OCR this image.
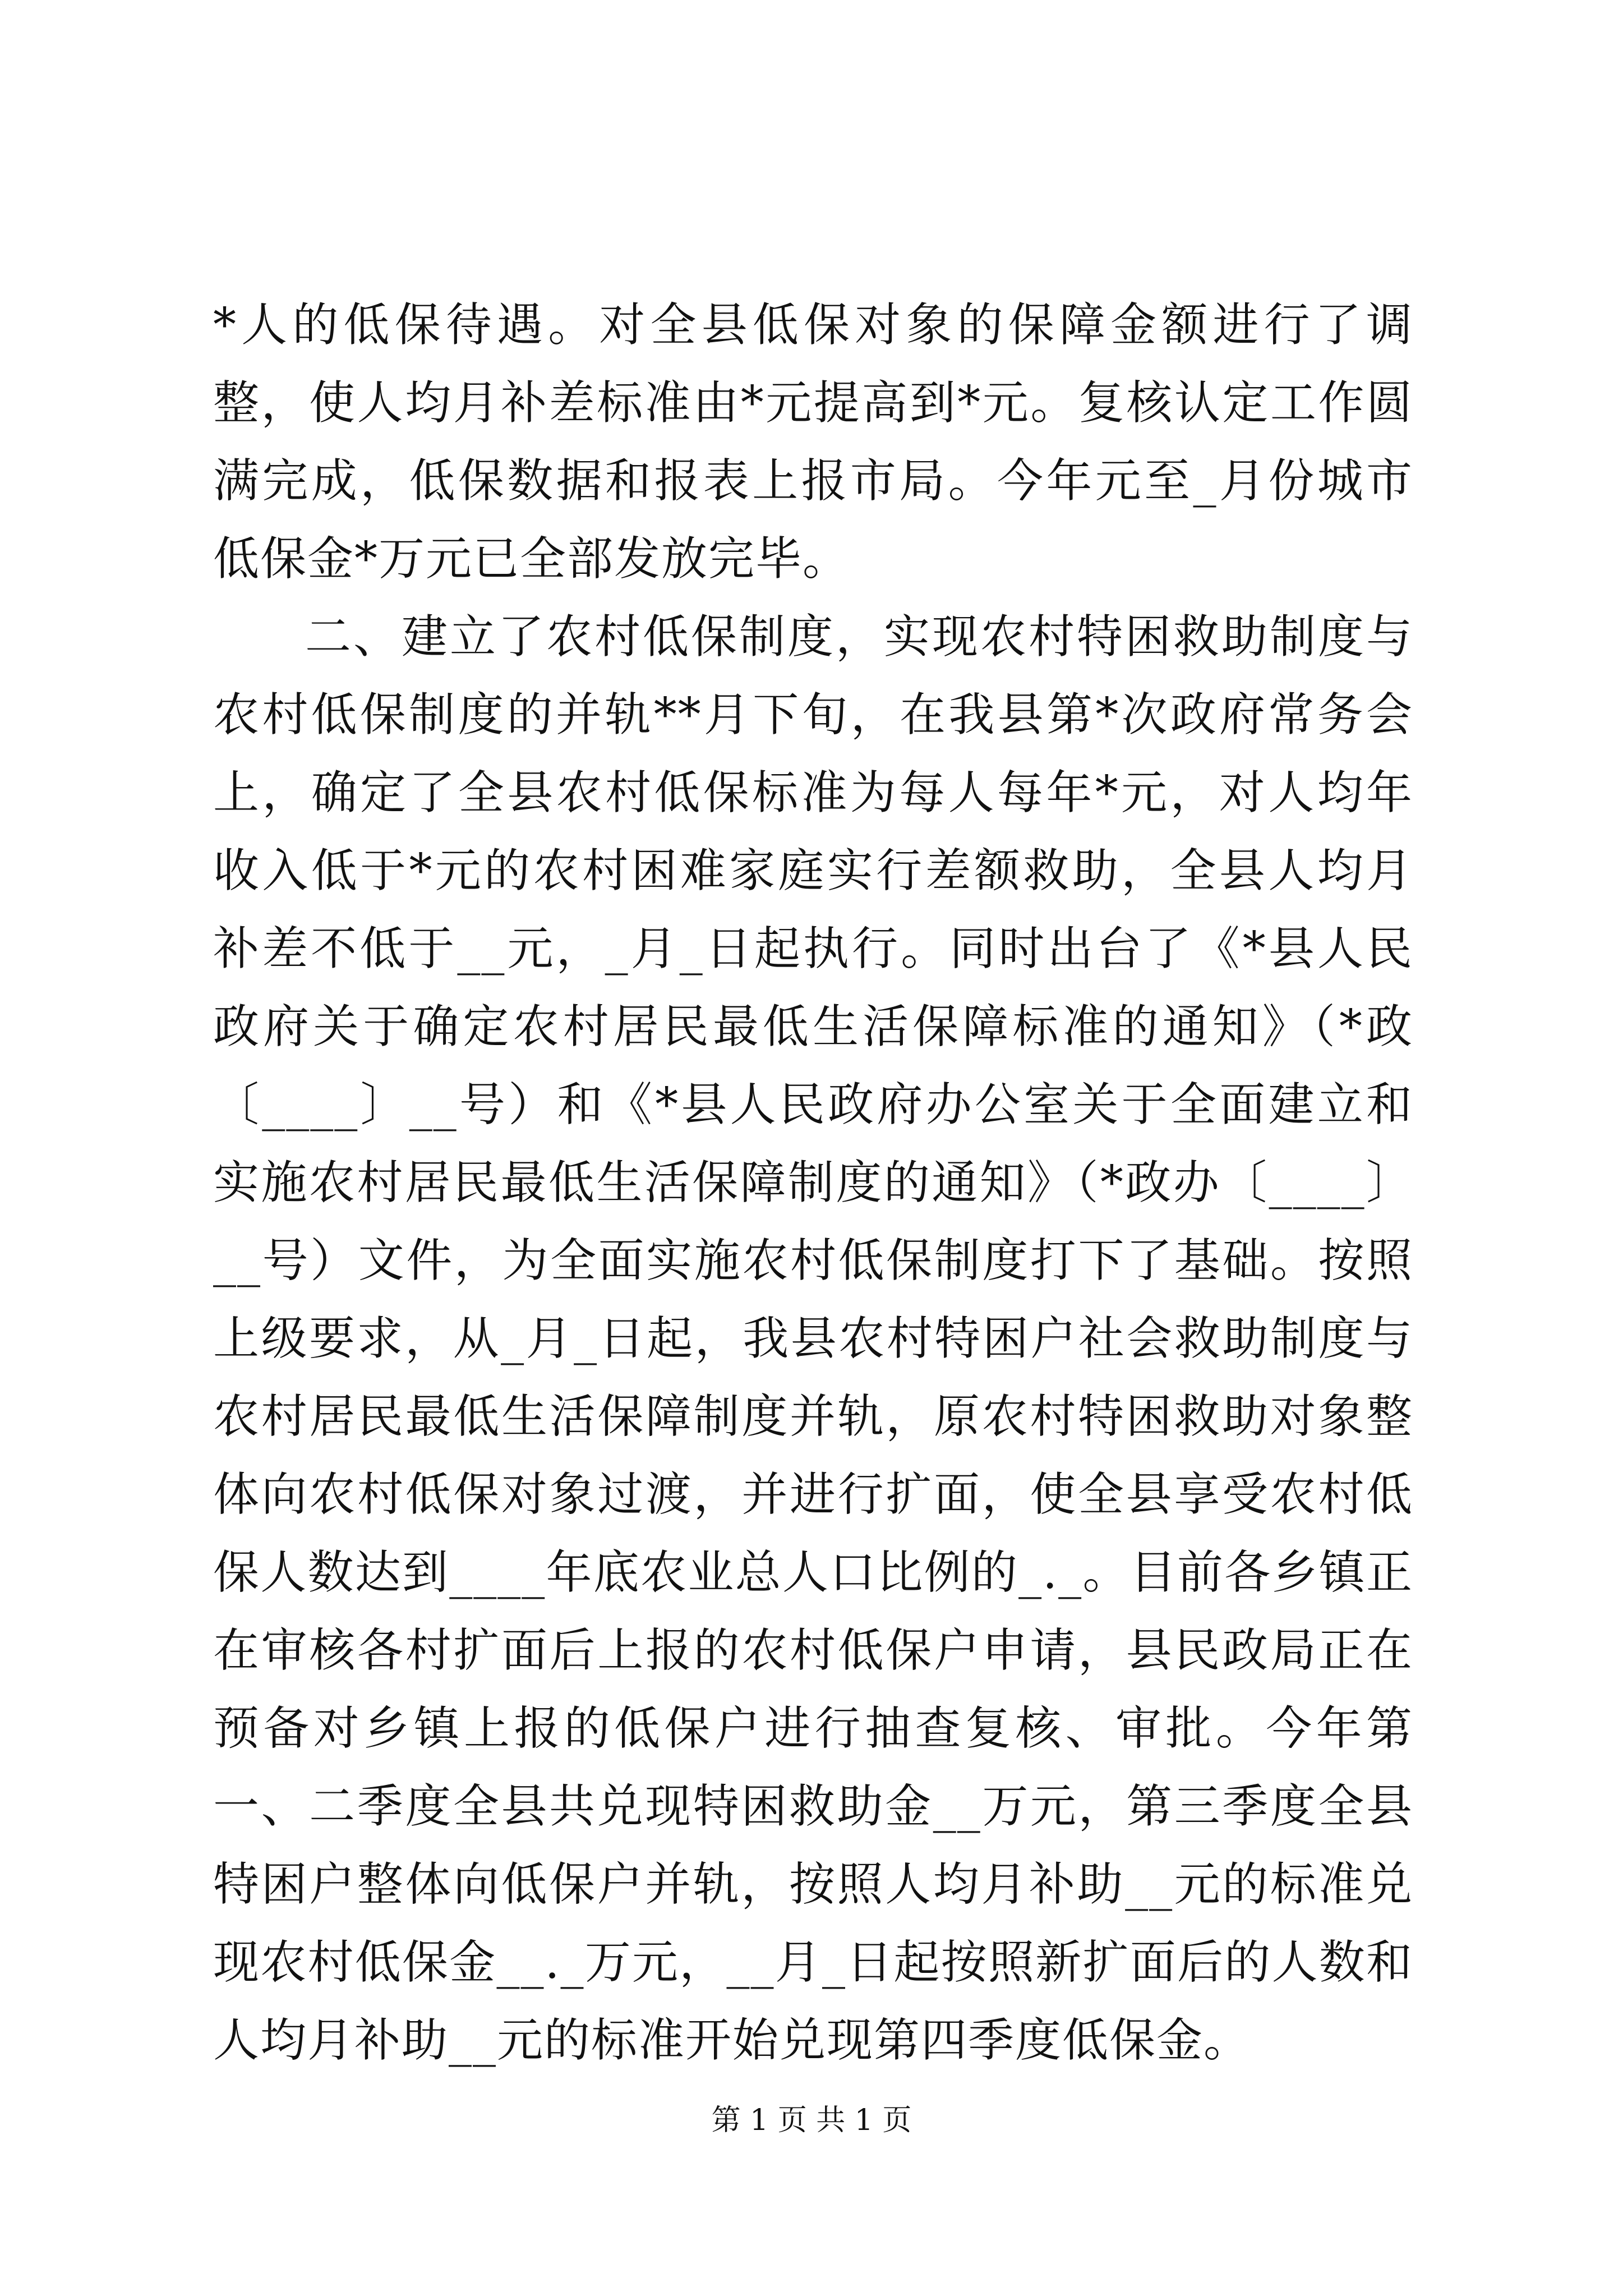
*人的低保待遇。对全县低保对象的保障金额进行了调整，使人均月补差标准由*元提高到*元。复核认定工作圆满完成，低保数据和报表上报市局。今年元至_月份城市低保金*万元已全部发放完毕。

二、建立了农村低保制度，实现农村特困救助制度与农村低保制度的并轨**月下旬，在我县第*次政府常务会上，确定了全县农村低保标准为每人每年*元，对人均年收入低于*元的农村困难家庭实行差额救助，全县人均月补差不低于__元，_月_日起执行。同时出台了《*县人民政府关于确定农村居民最低生活保障标准的通知》（*政〔____〕__号）和《*县人民政府办公室关于全面建立和实施农村居民最低生活保障制度的通知》（*政办〔____〕__号）文件，为全面实施农村低保制度打下了基础。按照上级要求，从_月_日起，我县农村特困户社会救助制度与农村居民最低生活保障制度并轨，原农村特困救助对象整体向农村低保对象过渡，并进行扩面，使全县享受农村低保人数达到____年底农业总人口比例的_._。目前各乡镇正在审核各村扩面后上报的农村低保户申请，县民政局正在预备对乡镇上报的低保户进行抽查复核、审批。今年第一、二季度全县共兑现特困救助金__万元，第三季度全县特困户整体向低保户并轨，按照人均月补助__元的标准兑现农村低保金__._万元，__月_日起按照新扩面后的人数和人均月补助__元的标准开始兑现第四季度低保金。

第 1 页 共 1 页
